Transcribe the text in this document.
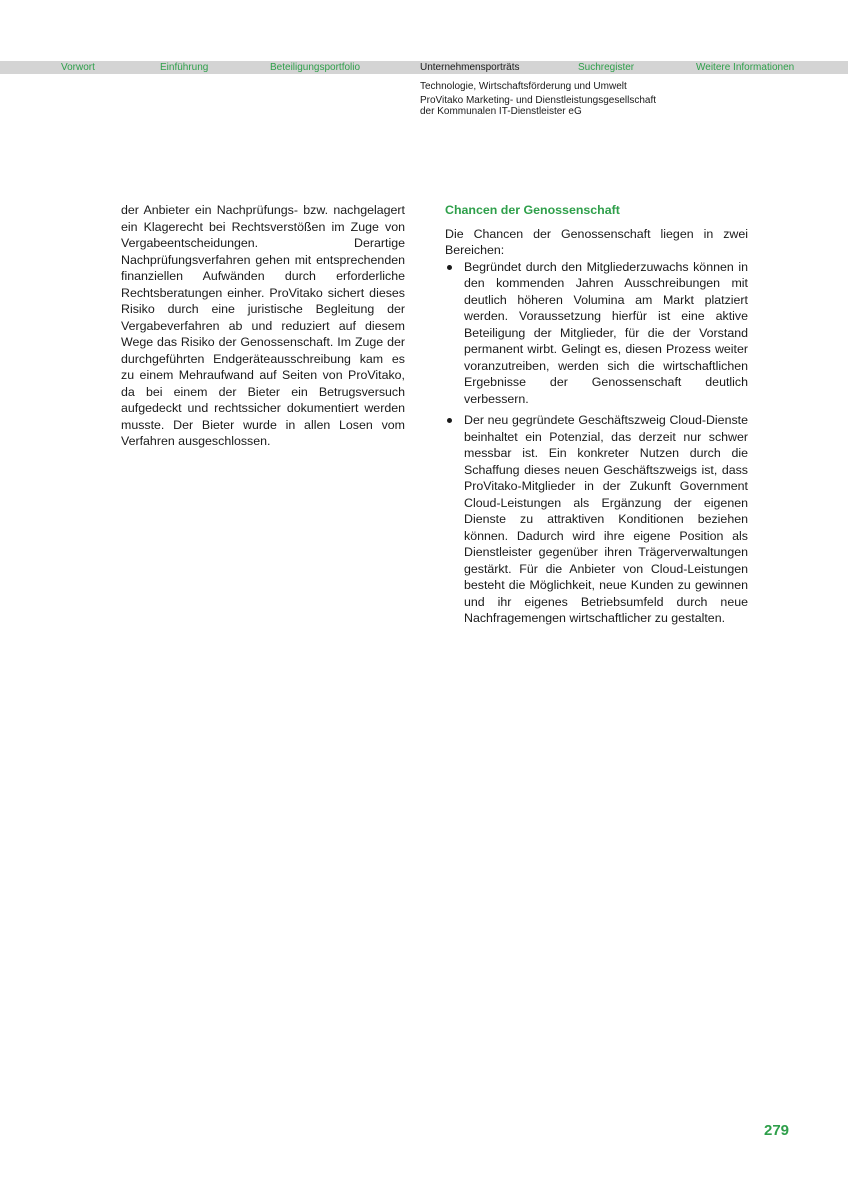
Vorwort	Einführung	Beteiligungsportfolio	Unternehmensporträts	Suchregister	Weitere Informationen
Technologie, Wirtschaftsförderung und Umwelt
ProVitako Marketing- und Dienstleistungsgesellschaft
der Kommunalen IT-Dienstleister eG

der Anbieter ein Nachprüfungs- bzw. nachgelagert ein Klagerecht bei Rechtsverstößen im Zuge von Vergabeentscheidungen. Derartige Nachprüfungsverfahren gehen mit entsprechenden finanziellen Aufwänden durch erforderliche Rechtsberatungen einher. ProVitako sichert dieses Risiko durch eine juristische Begleitung der Vergabeverfahren ab und reduziert auf diesem Wege das Risiko der Genossenschaft. Im Zuge der durchgeführten Endgeräteausschreibung kam es zu einem Mehraufwand auf Seiten von ProVitako, da bei einem der Bieter ein Betrugsversuch aufgedeckt und rechtssicher dokumentiert werden musste. Der Bieter wurde in allen Losen vom Verfahren ausgeschlossen.

Chancen der Genossenschaft

Die Chancen der Genossenschaft liegen in zwei Bereichen:

Begründet durch den Mitgliederzuwachs können in den kommenden Jahren Ausschreibungen mit deutlich höheren Volumina am Markt platziert werden. Voraussetzung hierfür ist eine aktive Beteiligung der Mitglieder, für die der Vorstand permanent wirbt. Gelingt es, diesen Prozess weiter voranzutreiben, werden sich die wirtschaftlichen Ergebnisse der Genossenschaft deutlich verbessern.
Der neu gegründete Geschäftszweig Cloud-Dienste beinhaltet ein Potenzial, das derzeit nur schwer messbar ist. Ein konkreter Nutzen durch die Schaffung dieses neuen Geschäftszweigs ist, dass ProVitako-Mitglieder in der Zukunft Government Cloud-Leistungen als Ergänzung der eigenen Dienste zu attraktiven Konditionen beziehen können. Dadurch wird ihre eigene Position als Dienstleister gegenüber ihren Trägerverwaltungen gestärkt. Für die Anbieter von Cloud-Leistungen besteht die Möglichkeit, neue Kunden zu gewinnen und ihr eigenes Betriebsumfeld durch neue Nachfragemengen wirtschaftlicher zu gestalten.
279
